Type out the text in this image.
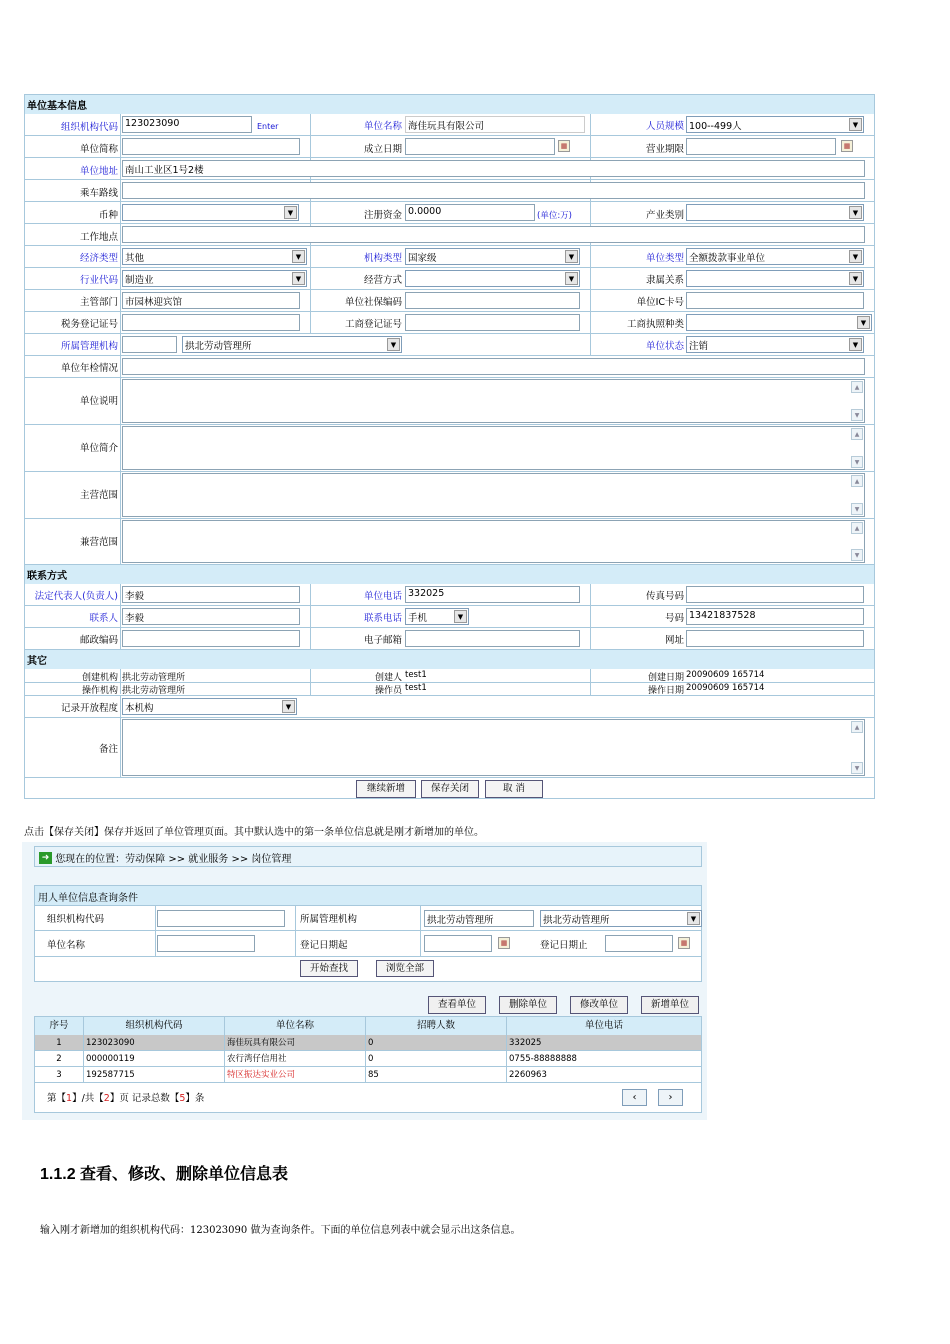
单位基本信息
组织机构代码 123023090	Enter	单位名称 海佳玩具有限公司	人员规模 100--499人	▼
单位简称	成立日期	▦	营业期限	▦
单位地址 南山工业区1号2楼
乘车路线
币种	▼	注册资金 0.0000	(单位:万)	产业类别	▼
工作地点
经济类型 其他	▼	机构类型 国家级	▼	单位类型 全额拨款事业单位	▼
行业代码 制造业	▼	经营方式	▼	隶属关系	▼
主管部门 市园林迎宾馆	单位社保编码	单位IC卡号
税务登记证号	工商登记证号	工商执照种类	▼
所属管理机构	拱北劳动管理所	▼	单位状态 注销	▼
单位年检情况
单位说明
▲
▼
单位简介
▲
▼
主营范围
▲
▼
兼营范围
▲
▼
联系方式
法定代表人(负责人) 李毅	单位电话 332025	传真号码
联系人 李毅	联系电话 手机	▼	号码 13421837528
邮政编码	电子邮箱	网址
其它
创建机构 拱北劳动管理所	创建人 test1	创建日期 20090609 165714
操作机构 拱北劳动管理所	操作员 test1	操作日期 20090609 165714
记录开放程度 本机构	▼
备注
▲
▼
继续新增	保存关闭	取 消
点击【保存关闭】保存并返回了单位管理页面。其中默认选中的第一条单位信息就是刚才新增加的单位。
➜ 您现在的位置：劳动保障 >> 就业服务 >> 岗位管理
用人单位信息查询条件
组织机构代码	所属管理机构	拱北劳动管理所	拱北劳动管理所	▼
单位名称	登记日期起	▦	登记日期止	▦
开始查找	浏览全部
查看单位	删除单位	修改单位	新增单位
序号	组织机构代码	单位名称	招聘人数	单位电话
1	123023090	海佳玩具有限公司	0	332025
2	000000119	农行湾仔信用社	0	0755-88888888
3	192587715	特区振达实业公司	85	2260963
第【1】/共【2】页 记录总数【5】条	‹	›
1.1.2 查看、修改、删除单位信息表
输入刚才新增加的组织机构代码：123023090 做为查询条件。下面的单位信息列表中就会显示出这条信息。
